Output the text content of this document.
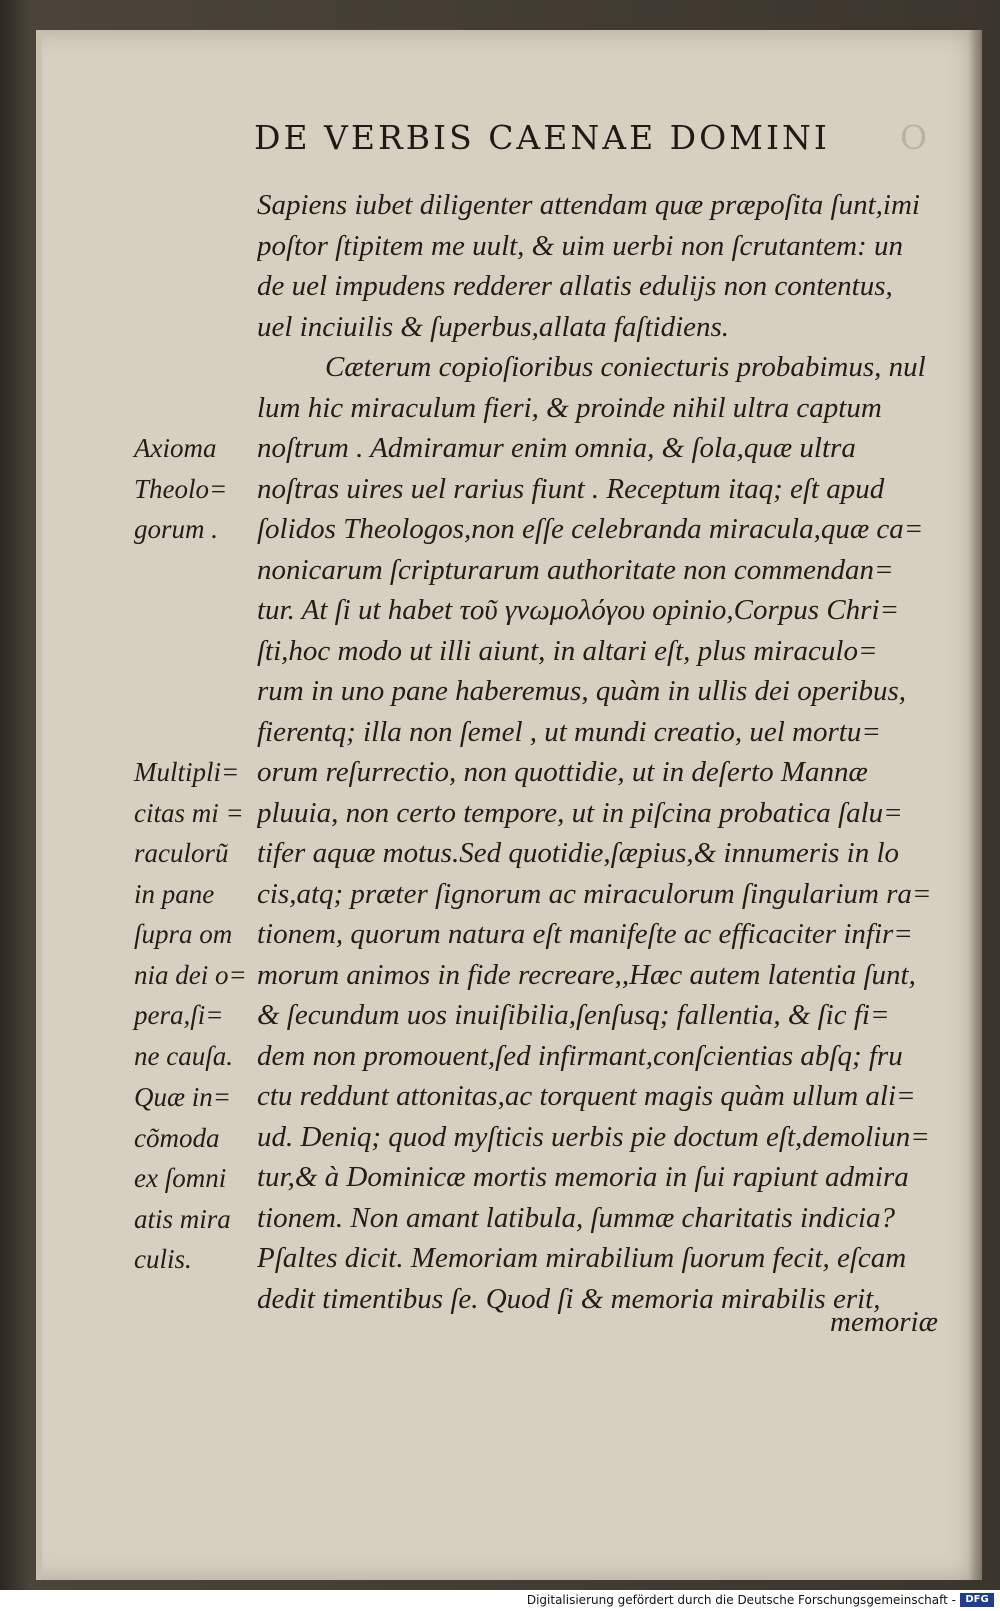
DE VERBIS CAENAE DOMINI	O
Sapiens iubet diligenter attendam quæ præpoſita ſunt,imi
poſtor ſtipitem me uult, & uim uerbi non ſcrutantem: un
de uel impudens redderer allatis edulijs non contentus,
uel inciuilis & ſuperbus,allata faſtidiens.
Cæterum copioſioribus coniecturis probabimus, nul
lum hic miraculum fieri, & proinde nihil ultra captum
noſtrum . Admiramur enim omnia, & ſola,quæ ultra
noſtras uires uel rarius fiunt . Receptum itaq; eſt apud
ſolidos Theologos,non eſſe celebranda miracula,quæ ca=
nonicarum ſcripturarum authoritate non commendan=
tur. At ſi ut habet τοῦ γνωμολόγου opinio,Corpus Chri=
ſti,hoc modo ut illi aiunt, in altari eſt, plus miraculo=
rum in uno pane haberemus, quàm in ullis dei operibus,
fierentq; illa non ſemel , ut mundi creatio, uel mortu=
orum reſurrectio, non quottidie, ut in deſerto Mannæ
pluuia, non certo tempore, ut in piſcina probatica ſalu=
tifer aquæ motus.Sed quotidie,ſæpius,& innumeris in lo
cis,atq; præter ſignorum ac miraculorum ſingularium ra=
tionem, quorum natura eſt manifeſte ac efficaciter infir=
morum animos in fide recreare,,Hæc autem latentia ſunt,
& ſecundum uos inuiſibilia,ſenſusq; fallentia, & ſic fi=
dem non promouent,ſed infirmant,conſcientias abſq; fru
ctu reddunt attonitas,ac torquent magis quàm ullum ali=
ud. Deniq; quod myſticis uerbis pie doctum eſt,demoliun=
tur,& à Dominicæ mortis memoria in ſui rapiunt admira
tionem. Non amant latibula, ſummæ charitatis indicia?
Pſaltes dicit. Memoriam mirabilium ſuorum fecit, eſcam
dedit timentibus ſe. Quod ſi & memoria mirabilis erit,
memoriæ
Axioma
Theolo=
gorum .
Multipli=
citas mi =
raculorũ
in pane
ſupra om
nia dei o=
pera,ſi=
ne cauſa.
Quæ in=
cõmoda
ex ſomni
atis mira
culis.
Digitalisierung gefördert durch die Deutsche Forschungsgemeinschaft - DFG
